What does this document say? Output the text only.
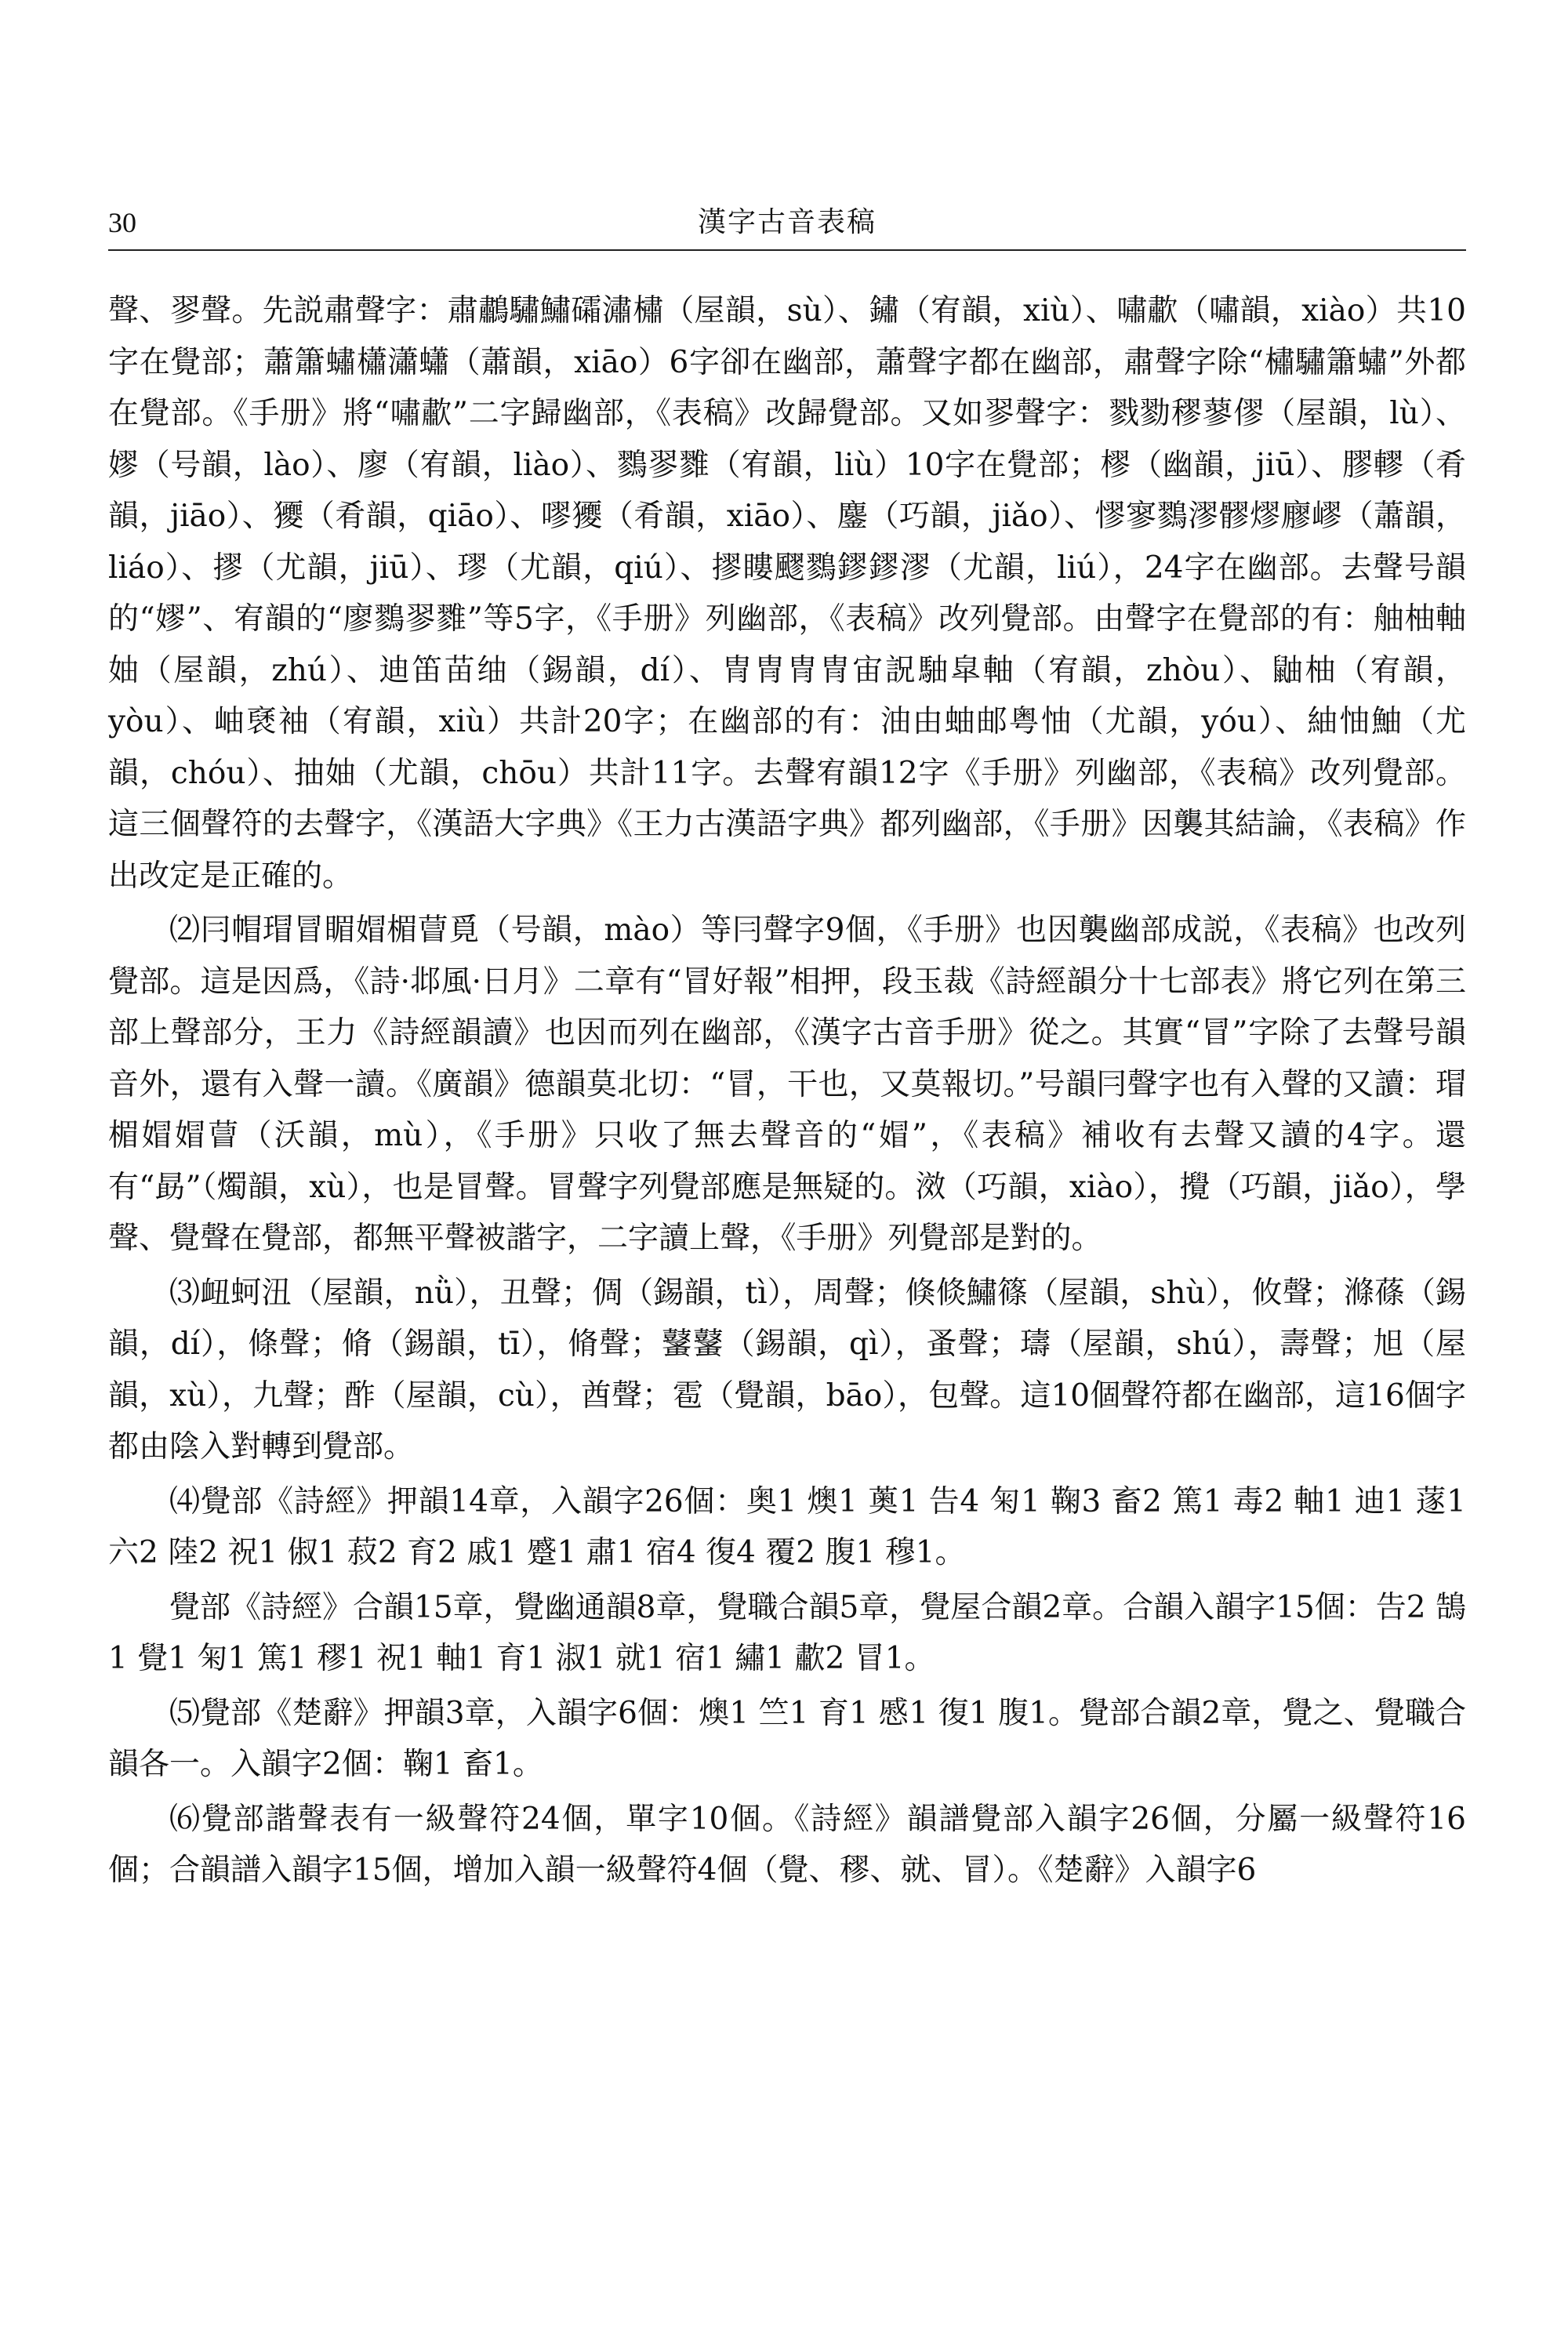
30	漢字古音表稿

聲、翏聲。先説肅聲字：肅鷫驌鱐礵潚橚（屋韻，sù）、鏽（宥韻，xiù）、嘯歗（嘯韻，xiào）共10字在覺部；蕭簫蟰櫹瀟蠨（蕭韻，xiāo）6字卻在幽部，蕭聲字都在幽部，肅聲字除“橚驌簫蟰”外都在覺部。《手册》將“嘯歗”二字歸幽部，《表稿》改歸覺部。又如翏聲字：戮勠穋蓼僇（屋韻，lù）、嫪（号韻，lào）、廖（宥韻，liào）、鷚翏雡（宥韻，liù）10字在覺部；樛（幽韻，jiū）、膠轇（肴韻，jiāo）、獿（肴韻，qiāo）、嘐獿（肴韻，xiāo）、鏖（巧韻，jiǎo）、憀寥鷚漻髎熮廫嵺（蕭韻，liáo）、摎（尤韻，jiū）、璆（尤韻，qiú）、摎瞜飂鷚鏐鏐漻（尤韻，liú），24字在幽部。去聲号韻的“嫪”、宥韻的“廖鷚翏雡”等5字，《手册》列幽部，《表稿》改列覺部。由聲字在覺部的有：舳柚軸妯（屋韻，zhú）、迪笛苗䌷（錫韻，dí）、冑冑冑冑宙詋駎皐軸（宥韻，zhòu）、鼬柚（宥韻，yòu）、岫褎袖（宥韻，xiù）共計20字；在幽部的有：油由蚰邮粤怞（尤韻，yóu）、紬怞鮋（尤韻，chóu）、抽妯（尤韻，chōu）共計11字。去聲宥韻12字《手册》列幽部，《表稿》改列覺部。這三個聲符的去聲字，《漢語大字典》《王力古漢語字典》都列幽部，《手册》因襲其結論，《表稿》作出改定是正確的。

⑵冃帽瑁冒睸媢楣萺覓（号韻，mào）等冃聲字9個，《手册》也因襲幽部成説，《表稿》也改列覺部。這是因爲，《詩·邶風·日月》二章有“冒好報”相押，段玉裁《詩經韻分十七部表》將它列在第三部上聲部分，王力《詩經韻讀》也因而列在幽部，《漢字古音手册》從之。其實“冒”字除了去聲号韻音外，還有入聲一讀。《廣韻》德韻莫北切：“冒，干也，又莫報切。”号韻冃聲字也有入聲的又讀：瑁楣媢媢萺（沃韻，mù），《手册》只收了無去聲音的“媢”，《表稿》補收有去聲又讀的4字。還有“勗”（燭韻，xù），也是冒聲。冒聲字列覺部應是無疑的。滧（巧韻，xiào），攪（巧韻，jiǎo），學聲、覺聲在覺部，都無平聲被諧字，二字讀上聲，《手册》列覺部是對的。

⑶衄蚵沑（屋韻，nǜ），丑聲；倜（錫韻，tì），周聲；倏倐鱐篠（屋韻，shù），攸聲；滌蓧（錫韻，dí），條聲；脩（錫韻，tī），脩聲；鼜鼜（錫韻，qì），蚤聲；璹（屋韻，shú），壽聲；旭（屋韻，xù），九聲；酢（屋韻，cù），酋聲；雹（覺韻，bāo），包聲。這10個聲符都在幽部，這16個字都由陰入對轉到覺部。

⑷覺部《詩經》押韻14章，入韻字26個：奥1 燠1 薁1 告4 匊1 鞠3 畜2 篤1 毒2 軸1 迪1 蓫1 六2 陸2 祝1 俶1 菽2 育2 戚1 蹙1 肅1 宿4 復4 覆2 腹1 穆1。

覺部《詩經》合韻15章，覺幽通韻8章，覺職合韻5章，覺屋合韻2章。合韻入韻字15個：告2 鵠1 覺1 匊1 篤1 穋1 祝1 軸1 育1 淑1 就1 宿1 繡1 歗2 冒1。

⑸覺部《楚辭》押韻3章，入韻字6個：燠1 竺1 育1 慼1 復1 腹1。覺部合韻2章，覺之、覺職合韻各一。入韻字2個：鞠1 畜1。

⑹覺部諧聲表有一級聲符24個，單字10個。《詩經》韻譜覺部入韻字26個，分屬一級聲符16個；合韻譜入韻字15個，增加入韻一級聲符4個（覺、穋、就、冒）。《楚辭》入韻字6
